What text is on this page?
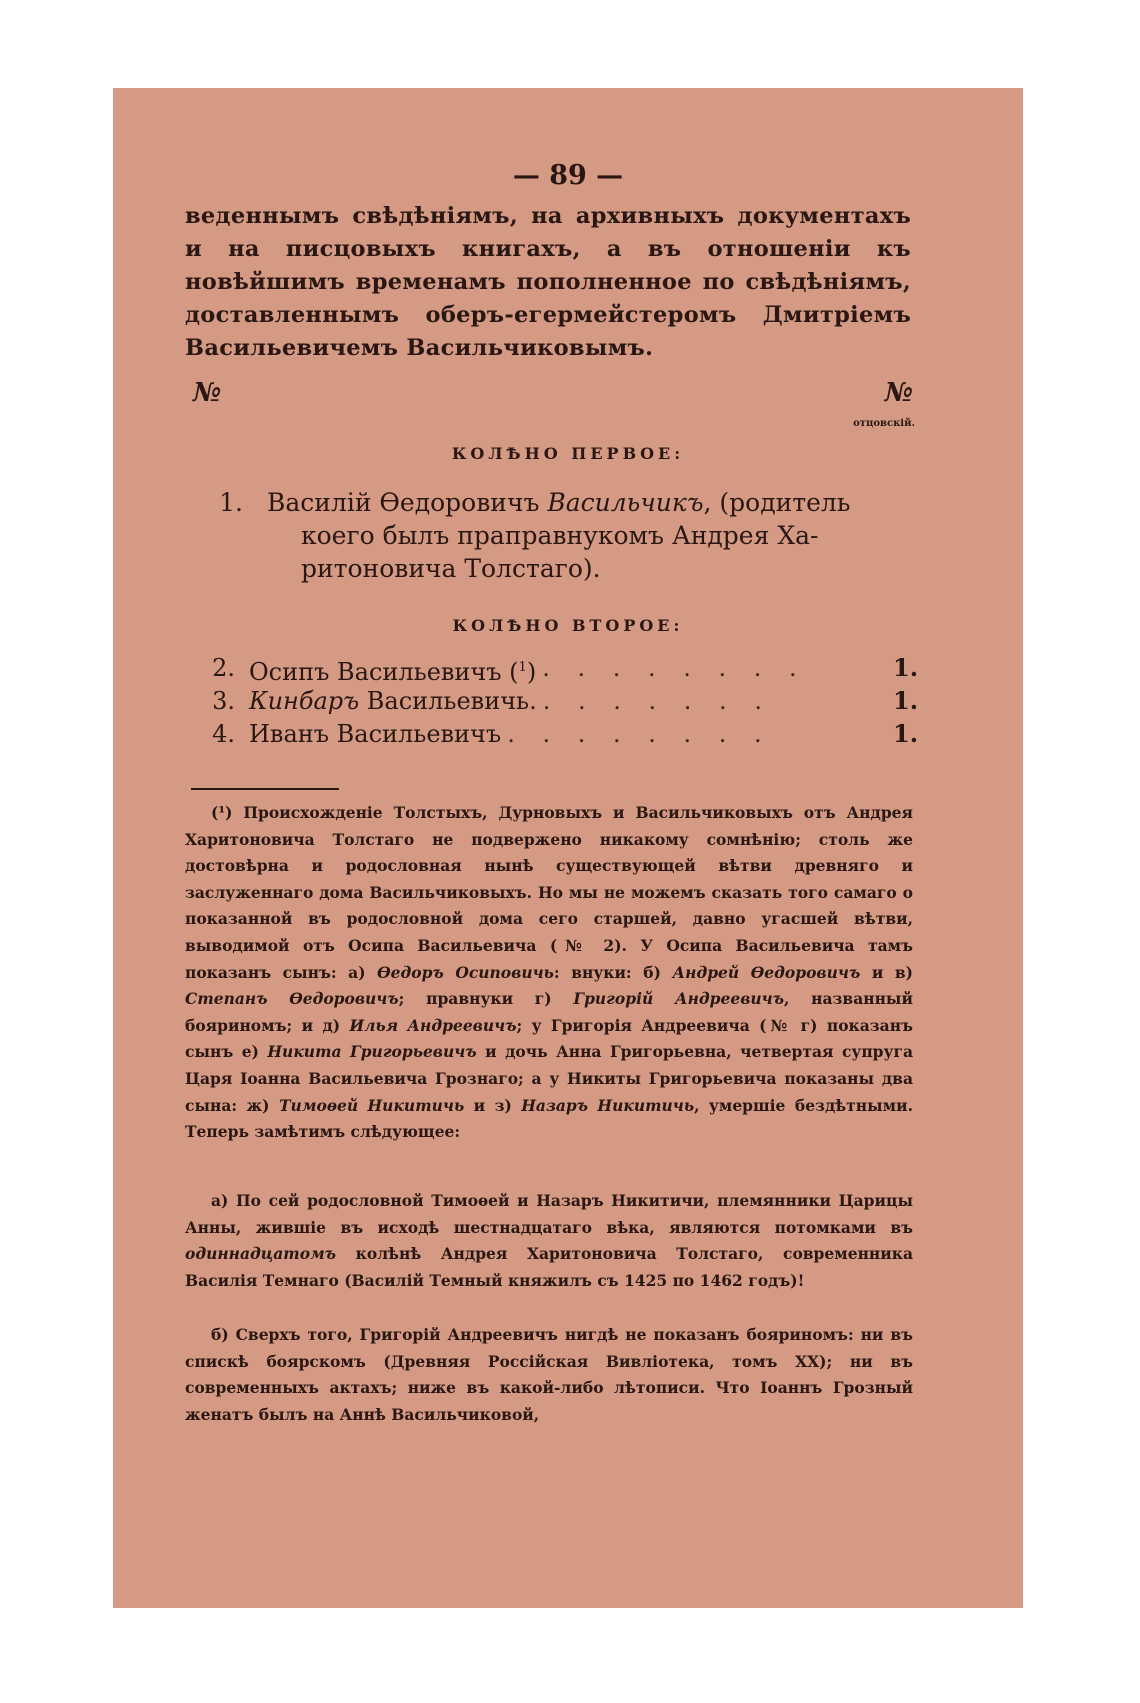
— 89 —
веденнымъ свѣдѣніямъ, на архивныхъ документахъ и на писцовыхъ книгахъ, а въ отношеніи къ новѣйшимъ временамъ пополненное по свѣдѣніямъ, доставленнымъ оберъ-егермейстеромъ Дмитріемъ Васильевичемъ Васильчиковымъ.
№	№
отцовскій.
КОЛѢНО ПЕРВОЕ:
1. Василій Ѳедоровичъ Васильчикъ, (родитель
коего былъ праправнукомъ Андрея Ха-
ритоновича Толстаго).
КОЛѢНО ВТОРОЕ:
2. Осипъ Васильевичъ ($^1$) . . . . . . . .	1.
3. Кинбаръ Васильевичь. . . . . . . .	1.
4. Иванъ Васильевичъ . . . . . . . .	1.
(¹) Происхожденіе Толстыхъ, Дурновыхъ и Васильчиковыхъ отъ Андрея Харитоновича Толстаго не подвержено никакому сомнѣнію; столь же достовѣрна и родословная нынѣ существующей вѣтви древняго и заслуженнаго дома Васильчиковыхъ. Но мы не можемъ сказать того самаго о показанной въ родословной дома сего старшей, давно угасшей вѣтви, выводимой отъ Осипа Васильевича (№ 2). У Осипа Васильевича тамъ показанъ сынъ: а) Ѳедоръ Осиповичь: внуки: б) Андрей Ѳедоровичъ и в) Степанъ Ѳедоровичъ; правнуки г) Григорій Андреевичъ, названный бояриномъ; и д) Илья Андреевичъ; у Григорія Андреевича (№ г) показанъ сынъ е) Никита Григорьевичъ и дочь Анна Григорьевна, четвертая супруга Царя Іоанна Васильевича Грознаго; а у Никиты Григорьевича показаны два сына: ж) Тимоѳей Никитичь и з) Назаръ Никитичь, умершіе бездѣтными. Теперь замѣтимъ слѣдующее:
а) По сей родословной Тимоѳей и Назаръ Никитичи, племянники Царицы Анны, жившіе въ исходѣ шестнадцатаго вѣка, являются потомками въ одиннадцатомъ колѣнѣ Андрея Харитоновича Толстаго, современника Василія Темнаго (Василій Темный княжилъ съ 1425 по 1462 годъ)!
б) Сверхъ того, Григорій Андреевичъ нигдѣ не показанъ бояриномъ: ни въ спискѣ боярскомъ (Древняя Россійская Вивліотека, томъ XX); ни въ современныхъ актахъ; ниже въ какой-либо лѣтописи. Что Іоаннъ Грозный женатъ былъ на Аннѣ Васильчиковой,
